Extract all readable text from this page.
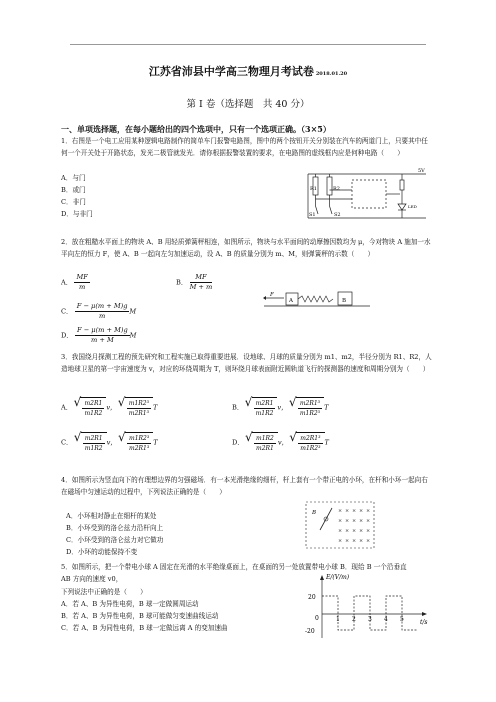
江苏省沛县中学高三物理月考试卷 2018.01.20
第 I 卷（选择题　共 40 分）
一、单项选择题，在每小题给出的四个选项中，只有一个选项正确。（3×5）
1．右图是一个电工应用某种逻辑电路制作的简单车门报警电路图，图中的两个按钮开关分别装在汽车的两道门上，只要其中任何一个开关处于开路状态，发光二极管就发光．请你根据报警装置的要求，在电路图的虚线框内应是何种电路（　　）
A．与门
B．或门
C．非门
D．与非门
R1	R2
S1	S2
5V
LED
2．放在粗糙水平面上的物块 A、B 用轻质弹簧秤相连，如图所示，物块与水平面间的动摩擦因数均为 μ，今对物块 A 施加一水平向左的恒力 F，使 A、B 一起向左匀加速运动，设 A、B 的质量分别为 m、M，则弹簧秤的示数（　　）
A． $\frac{MF}{m}$	B． $\frac{MF}{M + m}$
C． $\frac{F - \mu(m + M)g}{m}$ M
D． $\frac{F - \mu(m + M)g}{m + M}$ M
F
A	B
3．我国绕月探测工程的预先研究和工程实施已取得重要进展．设地球、月球的质量分别为 m1、m2，半径分别为 R1、R2，人造地球卫星的第一宇宙速度为 v，对应的环绕周期为 T，则环绕月球表面附近圆轨道飞行的探测器的速度和周期分别为（　　）
A． √ $\frac{m2R1}{m1R2}$ v， √ $\frac{\text{m1R2³}}{\text{m2R1³}}$ T	B． √ $\frac{m2R1}{m1R2}$ v， √ $\frac{\text{m2R1³}}{\text{m1R2³}}$ T
C． √ $\frac{m2R1}{m1R2}$ v， √ $\frac{\text{m1R2³}}{\text{m2R1³}}$ T	D． √ $\frac{m1R2}{m2R1}$ v， √ $\frac{\text{m2R1³}}{\text{m1R2³}}$ T
4．如图所示为竖直向下的有理想边界的匀强磁场．有一本光滑绝缘的细杆，杆上套有一个带正电的小环，在杆和小环一起向右在磁场中匀速运动的过程中，下列说法正确的是（　　）
A．小环相对静止在细杆的某处
B．小环受到的洛仑兹力沿杆向上
C．小环受到的洛仑兹力对它做功
D．小环的动能保持不变
× × × × ×
× × × × ×
× × × × ×
× × × × ×
B
5．如图所示，把一个带电小球 A 固定在光滑的水平绝缘桌面上，在桌面的另一处放置带电小球 B．现给 B 一个沿垂直 AB 方向的速度 v0，
下列说法中正确的是（　　）
A．若 A、B 为异性电荷，B 球一定做圆周运动
B．若 A、B 为异性电荷，B 球可能做匀变速曲线运动
C．若 A、B 为同性电荷，B 球一定做远离 A 的变加速曲
E/(V/m)
t/s
20
-20
0	1 2 3 4 5
